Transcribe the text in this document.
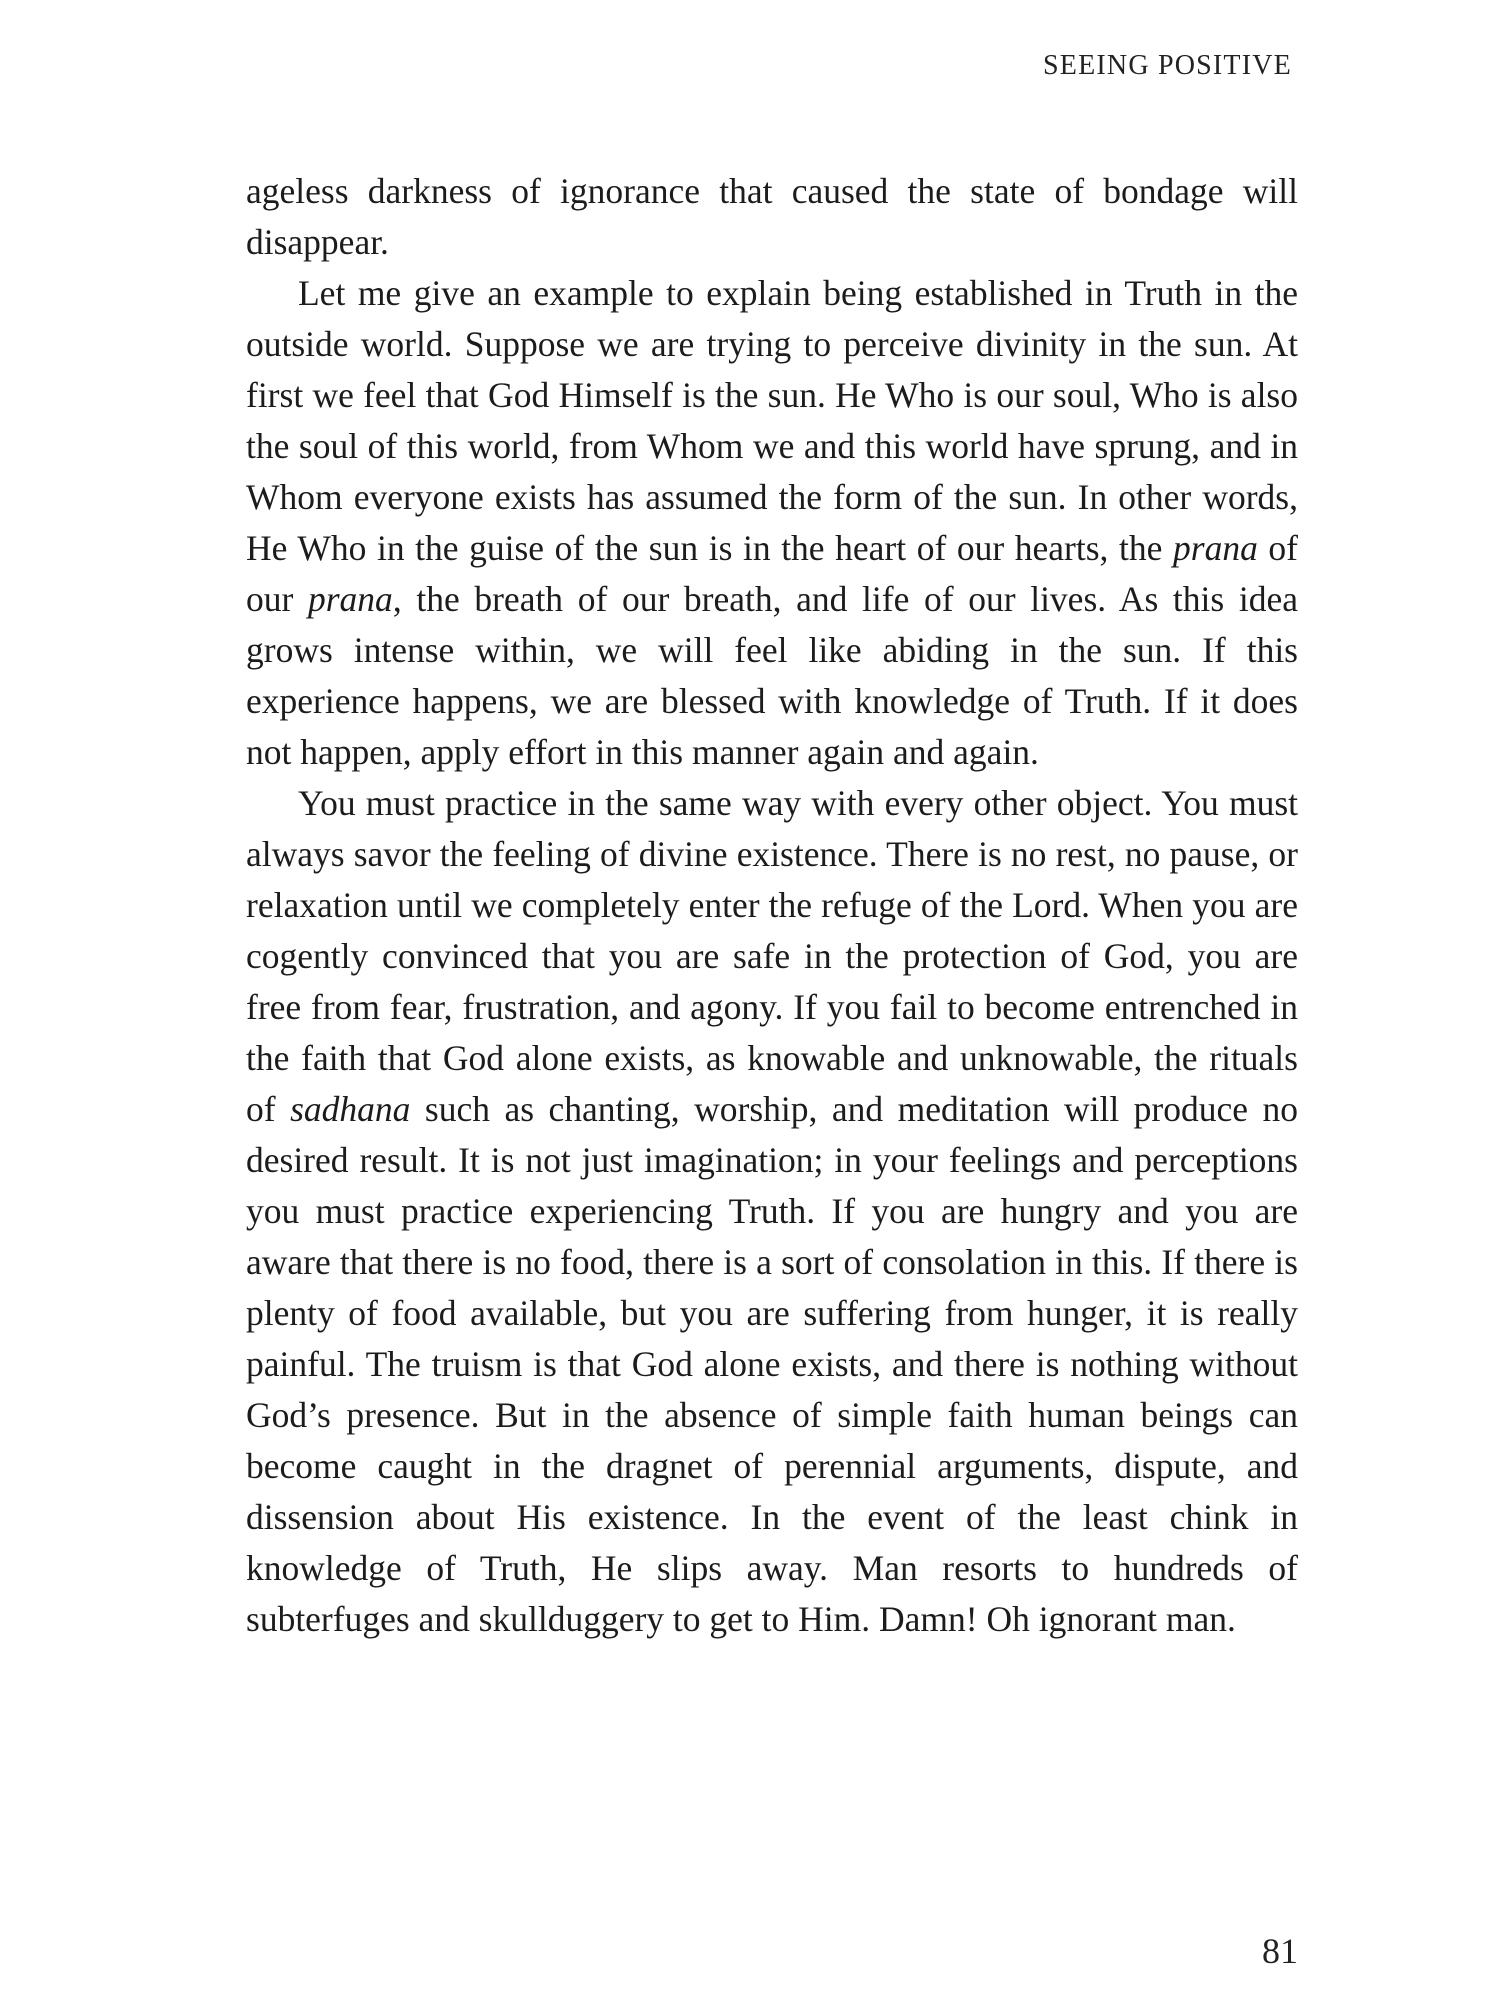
SEEING POSITIVE

ageless darkness of ignorance that caused the state of bondage will disappear.

Let me give an example to explain being established in Truth in the outside world. Suppose we are trying to perceive divinity in the sun. At first we feel that God Himself is the sun. He Who is our soul, Who is also the soul of this world, from Whom we and this world have sprung, and in Whom everyone exists has assumed the form of the sun. In other words, He Who in the guise of the sun is in the heart of our hearts, the prana of our prana, the breath of our breath, and life of our lives. As this idea grows intense within, we will feel like abiding in the sun. If this experience happens, we are blessed with knowledge of Truth. If it does not happen, apply effort in this manner again and again.

You must practice in the same way with every other object. You must always savor the feeling of divine existence. There is no rest, no pause, or relaxation until we completely enter the refuge of the Lord. When you are cogently convinced that you are safe in the protection of God, you are free from fear, frustration, and agony. If you fail to become entrenched in the faith that God alone exists, as knowable and unknowable, the rituals of sadhana such as chanting, worship, and meditation will produce no desired result. It is not just imagination; in your feelings and perceptions you must practice experiencing Truth. If you are hungry and you are aware that there is no food, there is a sort of consolation in this. If there is plenty of food available, but you are suffering from hunger, it is really painful. The truism is that God alone exists, and there is nothing without God’s presence. But in the absence of simple faith human beings can become caught in the dragnet of perennial arguments, dispute, and dissension about His existence. In the event of the least chink in knowledge of Truth, He slips away. Man resorts to hundreds of subterfuges and skullduggery to get to Him. Damn! Oh ignorant man.

81
